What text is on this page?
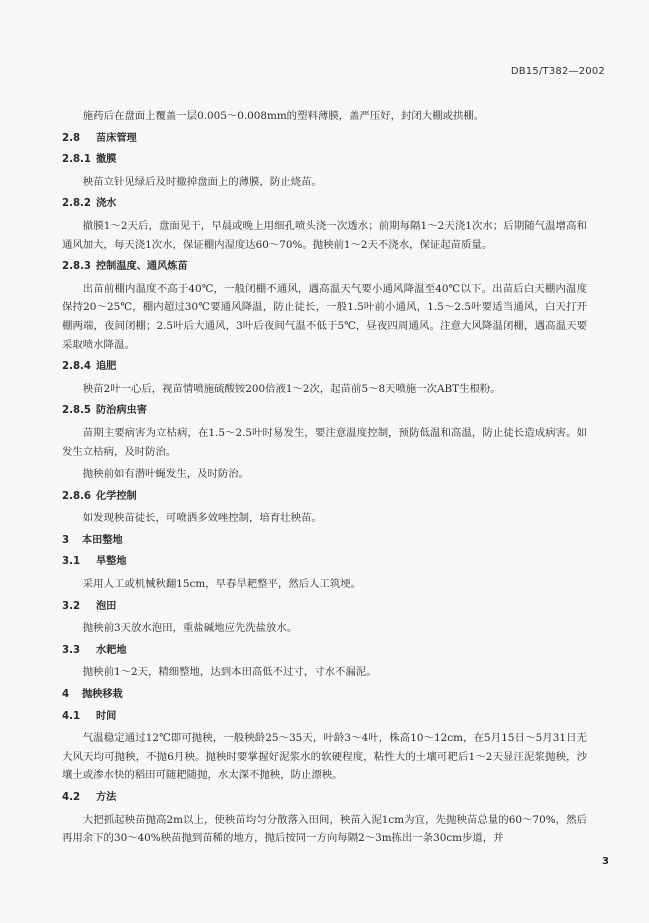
DB15/T382—2002
施药后在盘面上覆盖一层0.005～0.008mm的塑料薄膜，盖严压好，封闭大棚或拱棚。
2.8 苗床管理
2.8.1 撤膜
秧苗立针见绿后及时撤掉盘面上的薄膜，防止烧苗。
2.8.2 浇水
撤膜1～2天后，盘面见干，早晨或晚上用细孔喷头浇一次透水；前期每隔1～2天浇1次水；后期随气温增高和通风加大，每天浇1次水，保证棚内湿度达60～70%。抛秧前1～2天不浇水，保证起苗质量。
2.8.3 控制温度、通风炼苗
出苗前棚内温度不高于40℃，一般闭棚不通风，遇高温天气要小通风降温至40℃以下。出苗后白天棚内温度保持20～25℃，棚内超过30℃要通风降温，防止徒长，一般1.5叶前小通风，1.5～2.5叶要适当通风，白天打开棚两端，夜间闭棚；2.5叶后大通风，3叶后夜间气温不低于5℃，昼夜四周通风。注意大风降温闭棚，遇高温天要采取喷水降温。
2.8.4 追肥
秧苗2叶一心后，视苗情喷施硫酸铵200倍液1～2次，起苗前5～8天喷施一次ABT生根粉。
2.8.5 防治病虫害
苗期主要病害为立枯病，在1.5～2.5叶时易发生，要注意温度控制，预防低温和高温，防止徒长造成病害。如发生立枯病，及时防治。
抛秧前如有潜叶蝇发生，及时防治。
2.8.6 化学控制
如发现秧苗徒长，可喷洒多效唑控制，培育壮秧苗。
3 本田整地
3.1 旱整地
采用人工或机械秋翻15cm，早春旱耙整平，然后人工筑埂。
3.2 泡田
抛秧前3天放水泡田，重盐碱地应先洗盐放水。
3.3 水耙地
抛秧前1～2天，精细整地，达到本田高低不过寸，寸水不漏泥。
4 抛秧移栽
4.1 时间
气温稳定通过12℃即可抛秧，一般秧龄25～35天，叶龄3～4叶，株高10～12cm，在5月15日～5月31日无大风天均可抛秧，不抛6月秧。抛秧时要掌握好泥浆水的软硬程度，粘性大的土壤可耙后1～2天显汪泥浆抛秧，沙壤土或渗水快的稻田可随耙随抛，水太深不抛秧，防止漂秧。
4.2 方法
大把抓起秧苗抛高2m以上，使秧苗均匀分散落入田间，秧苗入泥1cm为宜，先抛秧苗总量的60～70%，然后再用余下的30～40%秧苗抛到苗稀的地方，抛后按同一方向每隔2～3m拣出一条30cm步道，并
3
